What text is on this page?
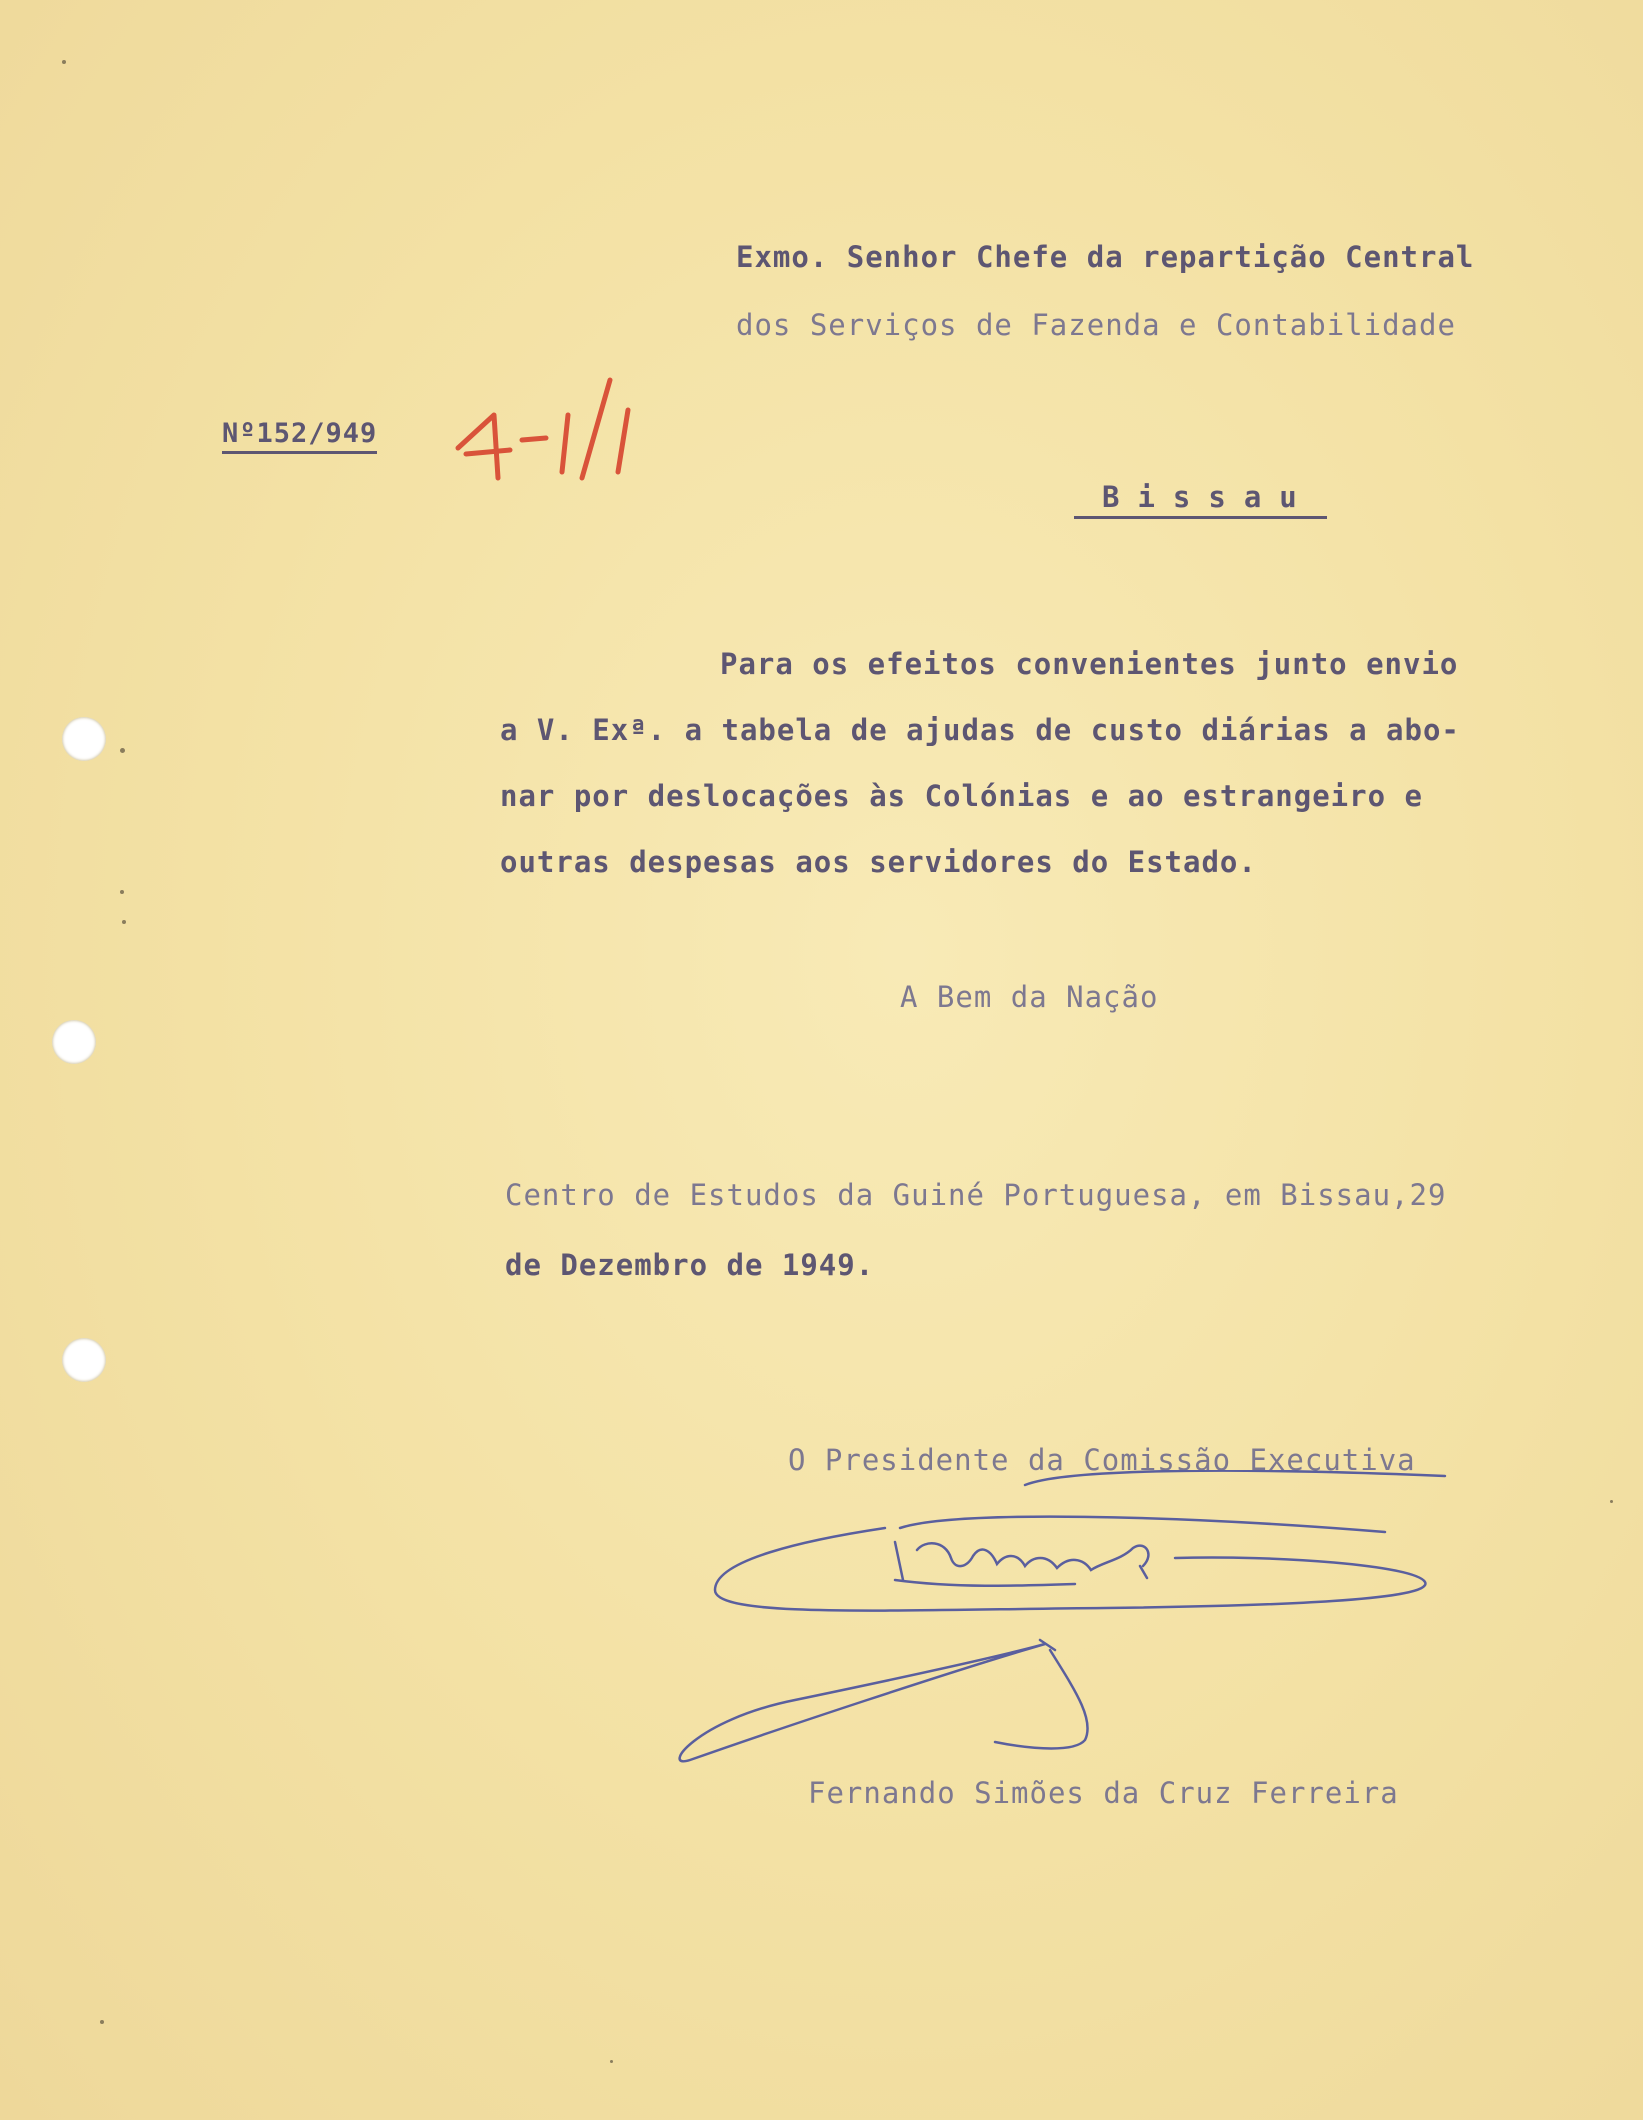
Exmo. Senhor Chefe da repartição Central
dos Serviços de Fazenda e Contabilidade
Nº152/949
Bissau
Para os efeitos convenientes junto envio
a V. Exª. a tabela de ajudas de custo diárias a abo-
nar por deslocações às Colónias e ao estrangeiro e
outras despesas aos servidores do Estado.
A Bem da Nação
Centro de Estudos da Guiné Portuguesa, em Bissau,29
de Dezembro de 1949.
O Presidente da Comissão Executiva
Fernando Simões da Cruz Ferreira
